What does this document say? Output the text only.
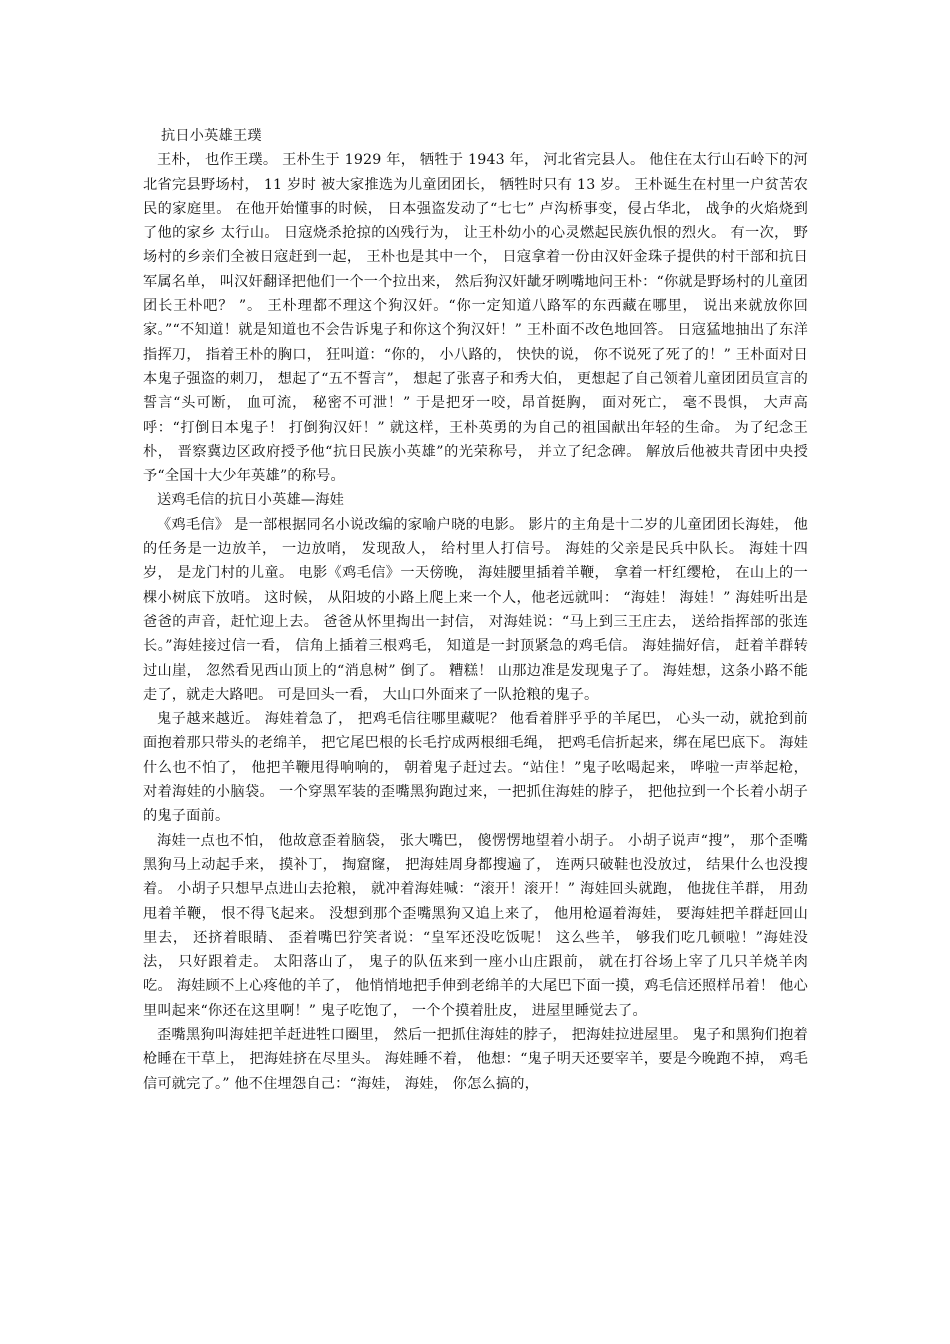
抗日小英雄王璞

王朴， 也作王璞。 王朴生于 1929 年， 牺牲于 1943 年， 河北省完县人。 他住在太行山石岭下的河北省完县野场村， 11 岁时 被大家推选为儿童团团长， 牺牲时只有 13 岁。 王朴诞生在村里一户贫苦农民的家庭里。 在他开始懂事的时候， 日本强盗发动了“七七” 卢沟桥事变，侵占华北， 战争的火焰烧到了他的家乡 太行山。 日寇烧杀抢掠的凶残行为， 让王朴幼小的心灵燃起民族仇恨的烈火。 有一次， 野场村的乡亲们全被日寇赶到一起， 王朴也是其中一个， 日寇拿着一份由汉奸金珠子提供的村干部和抗日军属名单， 叫汉奸翻译把他们一个一个拉出来， 然后狗汉奸龇牙咧嘴地问王朴：“你就是野场村的儿童团团长王朴吧？ ”。 王朴理都不理这个狗汉奸。“你一定知道八路军的东西藏在哪里， 说出来就放你回家。”“不知道！就是知道也不会告诉鬼子和你这个狗汉奸！” 王朴面不改色地回答。 日寇猛地抽出了东洋指挥刀， 指着王朴的胸口， 狂叫道：“你的， 小八路的， 快快的说， 你不说死了死了的！” 王朴面对日本鬼子强盗的刺刀， 想起了“五不誓言”， 想起了张喜子和秀大伯， 更想起了自己领着儿童团团员宣言的誓言“头可断， 血可流， 秘密不可泄！” 于是把牙一咬，昂首挺胸， 面对死亡， 毫不畏惧， 大声高呼：“打倒日本鬼子！ 打倒狗汉奸！” 就这样，王朴英勇的为自己的祖国献出年轻的生命。 为了纪念王朴， 晋察冀边区政府授予他“抗日民族小英雄”的光荣称号， 并立了纪念碑。 解放后他被共青团中央授予“全国十大少年英雄”的称号。

送鸡毛信的抗日小英雄—海娃

《鸡毛信》 是一部根据同名小说改编的家喻户晓的电影。 影片的主角是十二岁的儿童团团长海娃， 他的任务是一边放羊， 一边放哨， 发现敌人， 给村里人打信号。 海娃的父亲是民兵中队长。 海娃十四岁， 是龙门村的儿童。 电影《鸡毛信》一天傍晚， 海娃腰里插着羊鞭， 拿着一杆红缨枪， 在山上的一棵小树底下放哨。 这时候， 从阳坡的小路上爬上来一个人，他老远就叫： “海娃！ 海娃！” 海娃听出是爸爸的声音，赶忙迎上去。 爸爸从怀里掏出一封信， 对海娃说：“马上到三王庄去， 送给指挥部的张连长。”海娃接过信一看， 信角上插着三根鸡毛， 知道是一封顶紧急的鸡毛信。 海娃揣好信， 赶着羊群转过山崖， 忽然看见西山顶上的“消息树” 倒了。 糟糕！ 山那边准是发现鬼子了。 海娃想，这条小路不能走了，就走大路吧。 可是回头一看， 大山口外面来了一队抢粮的鬼子。

鬼子越来越近。 海娃着急了， 把鸡毛信往哪里藏呢？ 他看着胖乎乎的羊尾巴， 心头一动，就抢到前面抱着那只带头的老绵羊， 把它尾巴根的长毛拧成两根细毛绳， 把鸡毛信折起来，绑在尾巴底下。 海娃什么也不怕了， 他把羊鞭甩得响响的， 朝着鬼子赶过去。“站住！”鬼子吆喝起来， 哗啦一声举起枪， 对着海娃的小脑袋。 一个穿黑军装的歪嘴黑狗跑过来，一把抓住海娃的脖子， 把他拉到一个长着小胡子的鬼子面前。

海娃一点也不怕， 他故意歪着脑袋， 张大嘴巴， 傻愣愣地望着小胡子。 小胡子说声“搜”， 那个歪嘴黑狗马上动起手来， 摸补丁， 掏窟窿， 把海娃周身都搜遍了， 连两只破鞋也没放过， 结果什么也没搜着。 小胡子只想早点进山去抢粮， 就冲着海娃喊：“滚开！滚开！” 海娃回头就跑， 他拢住羊群， 用劲甩着羊鞭， 恨不得飞起来。 没想到那个歪嘴黑狗又追上来了， 他用枪逼着海娃， 要海娃把羊群赶回山里去， 还挤着眼睛、 歪着嘴巴狞笑者说：“皇军还没吃饭呢！ 这么些羊， 够我们吃几顿啦！”海娃没法， 只好跟着走。 太阳落山了， 鬼子的队伍来到一座小山庄跟前， 就在打谷场上宰了几只羊烧羊肉吃。 海娃顾不上心疼他的羊了， 他悄悄地把手伸到老绵羊的大尾巴下面一摸，鸡毛信还照样吊着！ 他心里叫起来“你还在这里啊！” 鬼子吃饱了， 一个个摸着肚皮， 进屋里睡觉去了。

歪嘴黑狗叫海娃把羊赶进牲口圈里， 然后一把抓住海娃的脖子， 把海娃拉进屋里。 鬼子和黑狗们抱着枪睡在干草上， 把海娃挤在尽里头。 海娃睡不着， 他想：“鬼子明天还要宰羊，要是今晚跑不掉， 鸡毛信可就完了。” 他不住埋怨自己：“海娃， 海娃， 你怎么搞的，
